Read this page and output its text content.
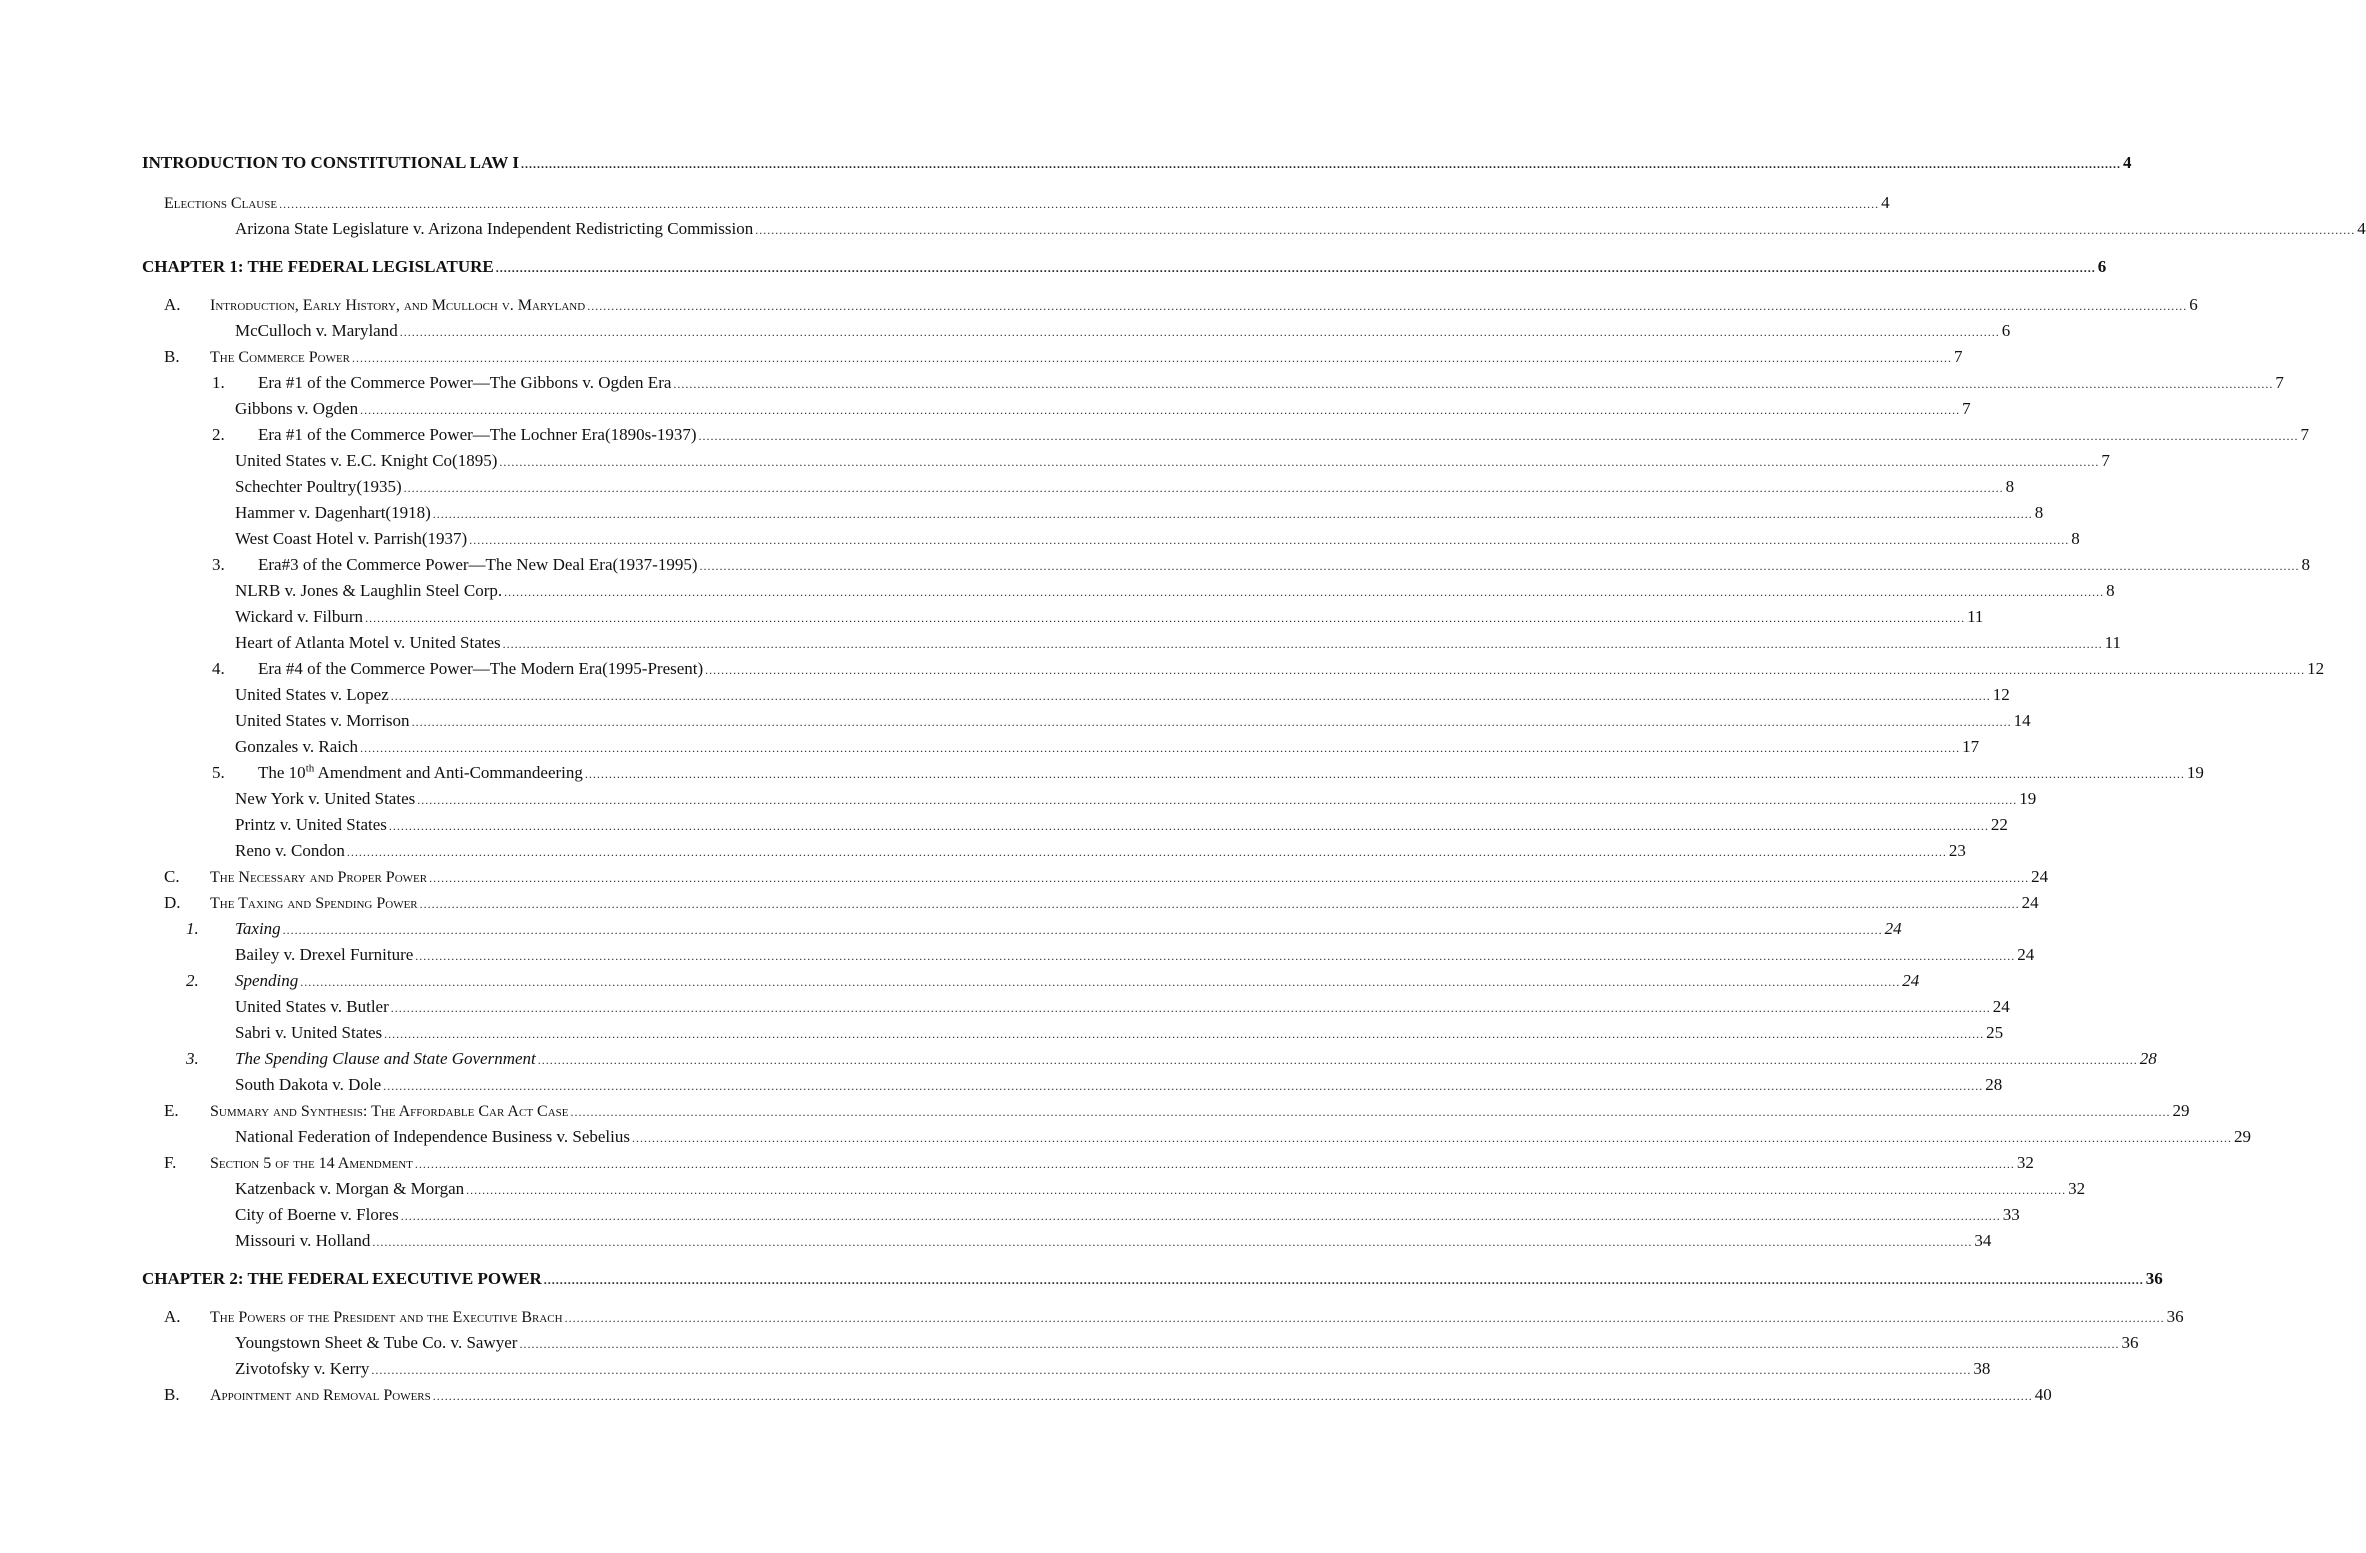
INTRODUCTION TO CONSTITUTIONAL LAW I ................................................................................................................................................................................................................................................................................................................................................................................................................ 4
Elections Clause ................................................................................................................................................................................................................................................................................................................................................................................................................ 4
Arizona State Legislature v. Arizona Independent Redistricting Commission ................................................................................................................................................................................................................................................................................................................................................................................................................ 4
CHAPTER 1: THE FEDERAL LEGISLATURE ................................................................................................................................................................................................................................................................................................................................................................................................................ 6
A.	Introduction, Early History, and Mculloch v. Maryland ................................................................................................................................................................................................................................................................................................................................................................................................................ 6
McCulloch v. Maryland ................................................................................................................................................................................................................................................................................................................................................................................................................ 6
B.	The Commerce Power ................................................................................................................................................................................................................................................................................................................................................................................................................ 7
1.	Era #1 of the Commerce Power—The Gibbons v. Ogden Era ................................................................................................................................................................................................................................................................................................................................................................................................................ 7
Gibbons v. Ogden ................................................................................................................................................................................................................................................................................................................................................................................................................ 7
2.	Era #1 of the Commerce Power—The Lochner Era(1890s-1937) ................................................................................................................................................................................................................................................................................................................................................................................................................ 7
United States v. E.C. Knight Co(1895) ................................................................................................................................................................................................................................................................................................................................................................................................................ 7
Schechter Poultry(1935) ................................................................................................................................................................................................................................................................................................................................................................................................................ 8
Hammer v. Dagenhart(1918) ................................................................................................................................................................................................................................................................................................................................................................................................................ 8
West Coast Hotel v. Parrish(1937) ................................................................................................................................................................................................................................................................................................................................................................................................................ 8
3.	Era#3 of the Commerce Power—The New Deal Era(1937-1995) ................................................................................................................................................................................................................................................................................................................................................................................................................ 8
NLRB v. Jones & Laughlin Steel Corp. ................................................................................................................................................................................................................................................................................................................................................................................................................ 8
Wickard v. Filburn ................................................................................................................................................................................................................................................................................................................................................................................................................ 11
Heart of Atlanta Motel v. United States ................................................................................................................................................................................................................................................................................................................................................................................................................ 11
4.	Era #4 of the Commerce Power—The Modern Era(1995-Present) ................................................................................................................................................................................................................................................................................................................................................................................................................ 12
United States v. Lopez ................................................................................................................................................................................................................................................................................................................................................................................................................ 12
United States v. Morrison ................................................................................................................................................................................................................................................................................................................................................................................................................ 14
Gonzales v. Raich ................................................................................................................................................................................................................................................................................................................................................................................................................ 17
5.	The 10th Amendment and Anti-Commandeering ................................................................................................................................................................................................................................................................................................................................................................................................................ 19
New York v. United States ................................................................................................................................................................................................................................................................................................................................................................................................................ 19
Printz v. United States ................................................................................................................................................................................................................................................................................................................................................................................................................ 22
Reno v. Condon ................................................................................................................................................................................................................................................................................................................................................................................................................ 23
C.	The Necessary and Proper Power ................................................................................................................................................................................................................................................................................................................................................................................................................ 24
D.	The Taxing and Spending Power ................................................................................................................................................................................................................................................................................................................................................................................................................ 24
1.	Taxing ................................................................................................................................................................................................................................................................................................................................................................................................................ 24
Bailey v. Drexel Furniture ................................................................................................................................................................................................................................................................................................................................................................................................................ 24
2.	Spending ................................................................................................................................................................................................................................................................................................................................................................................................................ 24
United States v. Butler ................................................................................................................................................................................................................................................................................................................................................................................................................ 24
Sabri v. United States ................................................................................................................................................................................................................................................................................................................................................................................................................ 25
3.	The Spending Clause and State Government ................................................................................................................................................................................................................................................................................................................................................................................................................ 28
South Dakota v. Dole ................................................................................................................................................................................................................................................................................................................................................................................................................ 28
E.	Summary and Synthesis: The Affordable Car Act Case ................................................................................................................................................................................................................................................................................................................................................................................................................ 29
National Federation of Independence Business v. Sebelius ................................................................................................................................................................................................................................................................................................................................................................................................................ 29
F.	Section 5 of the 14 Amendment ................................................................................................................................................................................................................................................................................................................................................................................................................ 32
Katzenback v. Morgan & Morgan ................................................................................................................................................................................................................................................................................................................................................................................................................ 32
City of Boerne v. Flores ................................................................................................................................................................................................................................................................................................................................................................................................................ 33
Missouri v. Holland ................................................................................................................................................................................................................................................................................................................................................................................................................ 34
CHAPTER 2: THE FEDERAL EXECUTIVE POWER ................................................................................................................................................................................................................................................................................................................................................................................................................ 36
A.	The Powers of the President and the Executive Brach ................................................................................................................................................................................................................................................................................................................................................................................................................ 36
Youngstown Sheet & Tube Co. v. Sawyer ................................................................................................................................................................................................................................................................................................................................................................................................................ 36
Zivotofsky v. Kerry ................................................................................................................................................................................................................................................................................................................................................................................................................ 38
B.	Appointment and Removal Powers ................................................................................................................................................................................................................................................................................................................................................................................................................ 40
